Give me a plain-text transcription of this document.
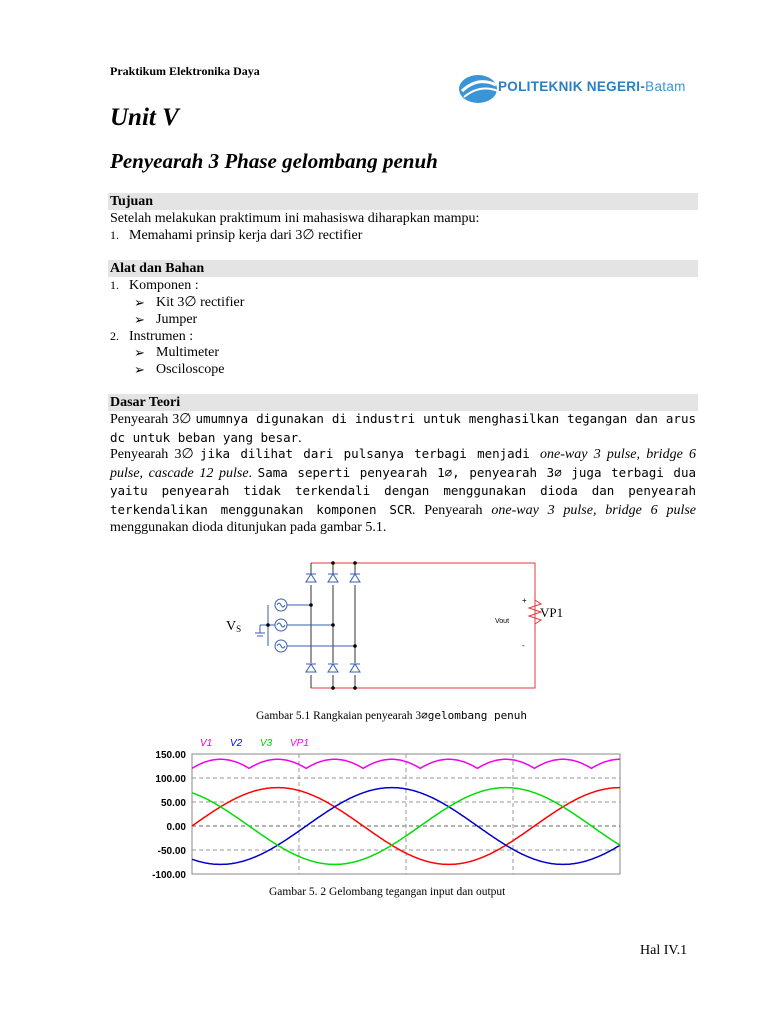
Praktikum Elektronika Daya
POLITEKNIK NEGERI-Batam
Unit V
Penyearah 3 Phase gelombang penuh
Tujuan
Setelah melakukan praktimum ini mahasiswa diharapkan mampu:
1. Memahami prinsip kerja dari 3∅ rectifier
Alat dan Bahan
1. Komponen :
➢ Kit 3∅ rectifier
➢ Jumper
2. Instrumen :
➢ Multimeter
➢ Osciloscope
Dasar Teori
Penyearah 3∅ umumnya digunakan di industri untuk menghasilkan tegangan dan arus dc untuk beban yang besar.
Penyearah 3∅ jika dilihat dari pulsanya terbagi menjadi one-way 3 pulse, bridge 6 pulse, cascade 12 pulse. Sama seperti penyearah 1∅, penyearah 3∅ juga terbagi dua yaitu penyearah tidak terkendali dengan menggunakan dioda dan penyearah terkendalikan menggunakan komponen SCR. Penyearah one-way 3 pulse, bridge 6 pulse menggunakan dioda ditunjukan pada gambar 5.1.
VS
VP1
Vout
+
-
Gambar 5.1 Rangkaian penyearah 3∅gelombang penuh
150.00
100.00
50.00
0.00
-50.00
-100.00
V1 V2 V3 VP1
Gambar 5. 2 Gelombang tegangan input dan output
Hal IV.1
